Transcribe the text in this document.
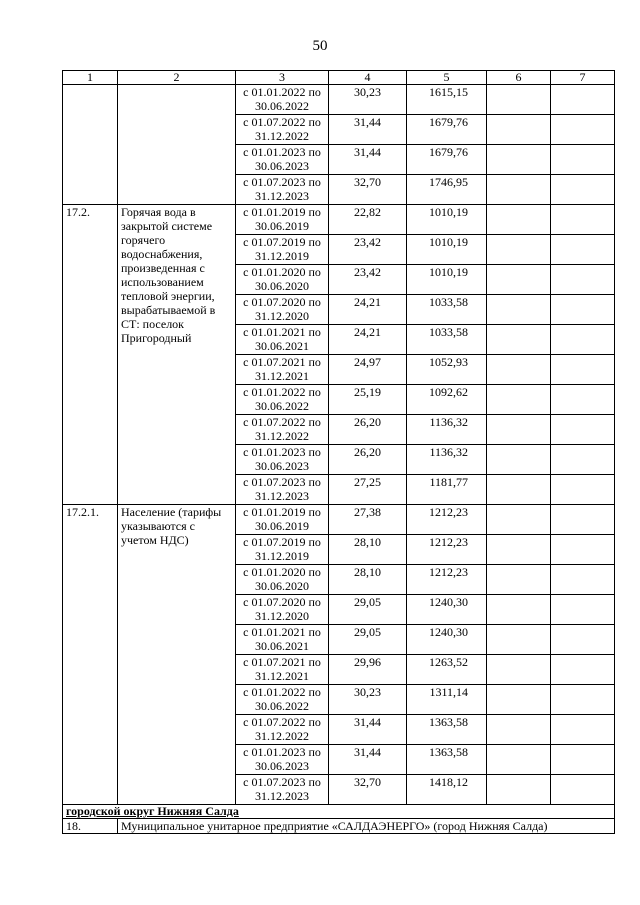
50
1	2	3	4	5	6	7
		с 01.01.2022 по 30.06.2022	30,23	1615,15		
		с 01.07.2022 по 31.12.2022	31,44	1679,76		
		с 01.01.2023 по 30.06.2023	31,44	1679,76		
		с 01.07.2023 по 31.12.2023	32,70	1746,95		
17.2.	Горячая вода в закрытой системе горячего водоснабжения, произведенная с использованием тепловой энергии, вырабатываемой в СТ: поселок Пригородный	с 01.01.2019 по 30.06.2019	22,82	1010,19		
		с 01.07.2019 по 31.12.2019	23,42	1010,19		
		с 01.01.2020 по 30.06.2020	23,42	1010,19		
		с 01.07.2020 по 31.12.2020	24,21	1033,58		
		с 01.01.2021 по 30.06.2021	24,21	1033,58		
		с 01.07.2021 по 31.12.2021	24,97	1052,93		
		с 01.01.2022 по 30.06.2022	25,19	1092,62		
		с 01.07.2022 по 31.12.2022	26,20	1136,32		
		с 01.01.2023 по 30.06.2023	26,20	1136,32		
		с 01.07.2023 по 31.12.2023	27,25	1181,77		
17.2.1.	Население (тарифы указываются с учетом НДС)	с 01.01.2019 по 30.06.2019	27,38	1212,23		
		с 01.07.2019 по 31.12.2019	28,10	1212,23		
		с 01.01.2020 по 30.06.2020	28,10	1212,23		
		с 01.07.2020 по 31.12.2020	29,05	1240,30		
		с 01.01.2021 по 30.06.2021	29,05	1240,30		
		с 01.07.2021 по 31.12.2021	29,96	1263,52		
		с 01.01.2022 по 30.06.2022	30,23	1311,14		
		с 01.07.2022 по 31.12.2022	31,44	1363,58		
		с 01.01.2023 по 30.06.2023	31,44	1363,58		
		с 01.07.2023 по 31.12.2023	32,70	1418,12		
городской округ Нижняя Салда						
18.	Муниципальное унитарное предприятие «САЛДАЭНЕРГО» (город Нижняя Салда)					
